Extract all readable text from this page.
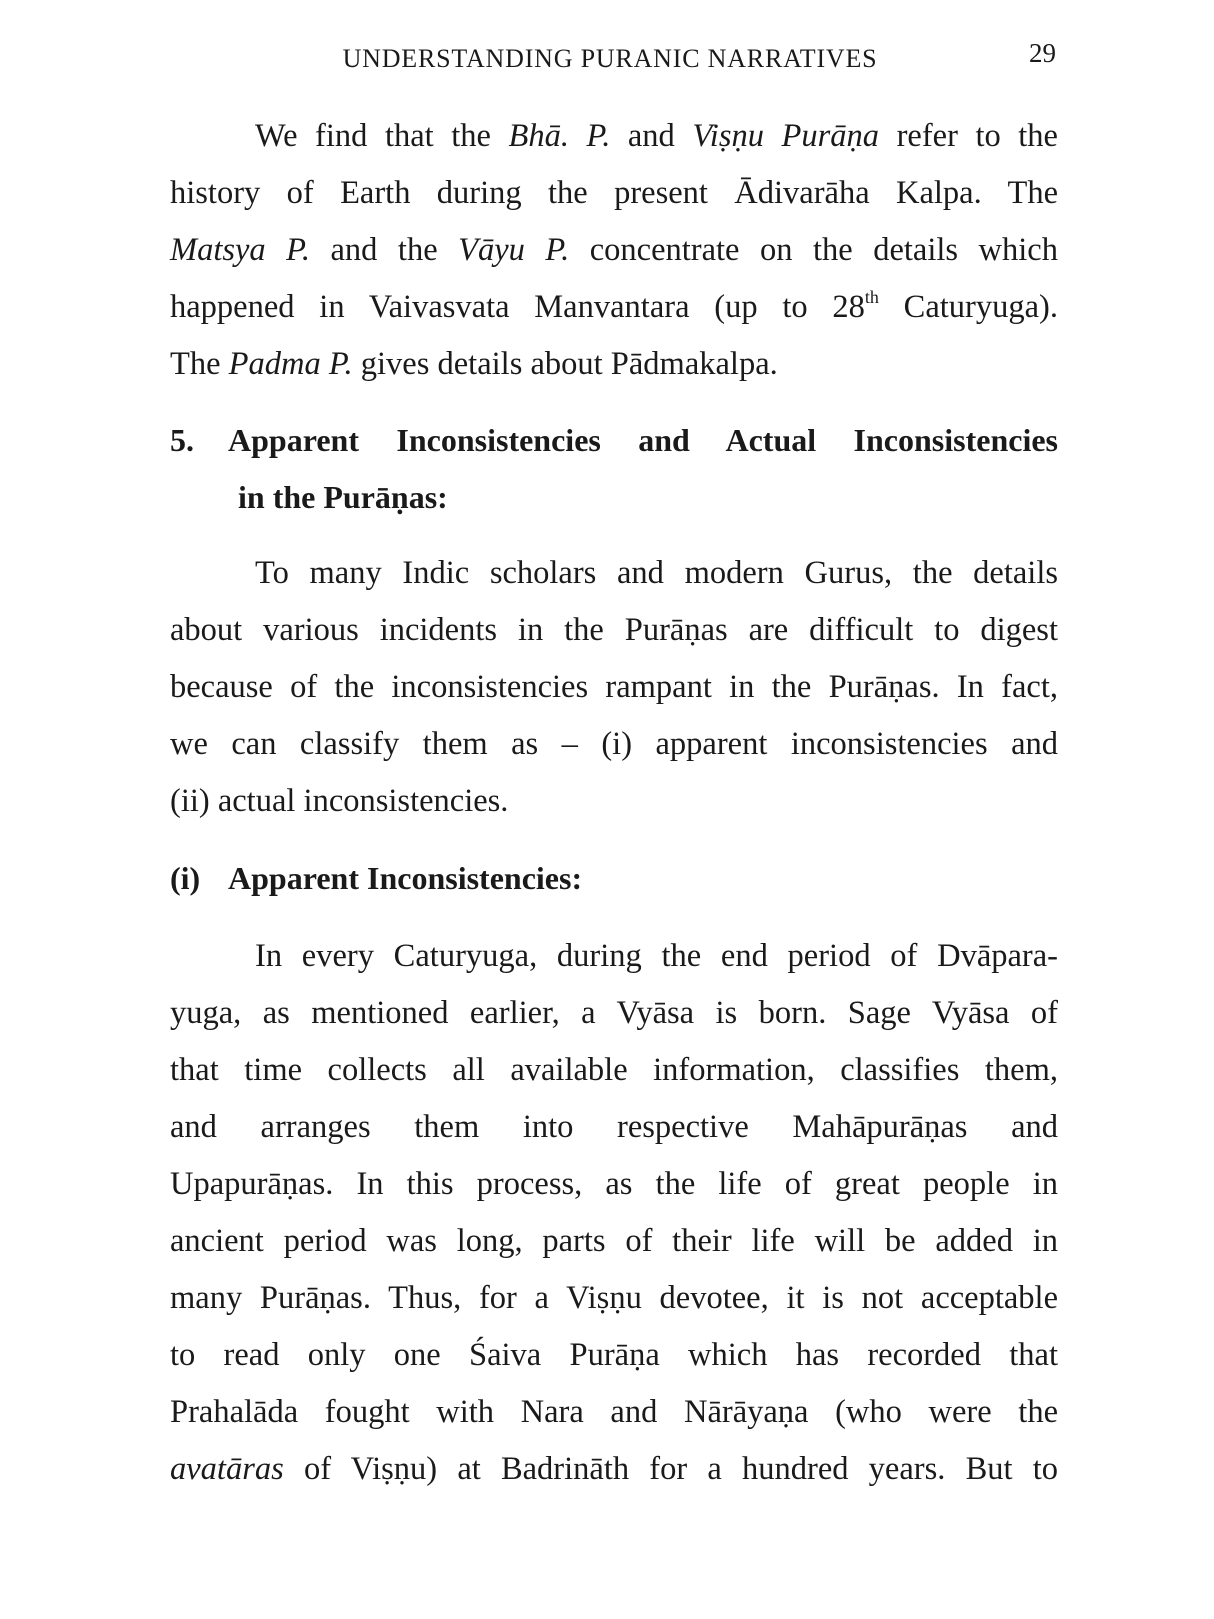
UNDERSTANDING PURANIC NARRATIVES	29
We find that the Bhā. P. and Viṣṇu Purāṇa refer to the
history of Earth during the present Ādivarāha Kalpa. The
Matsya P. and the Vāyu P. concentrate on the details which
happened in Vaivasvata Manvantara (up to 28th Caturyuga).
The Padma P. gives details about Pādmakalpa.
5. Apparent Inconsistencies and Actual Inconsistencies
in the Purāṇas:
To many Indic scholars and modern Gurus, the details
about various incidents in the Purāṇas are difficult to digest
because of the inconsistencies rampant in the Purāṇas. In fact,
we can classify them as – (i) apparent inconsistencies and
(ii) actual inconsistencies.
(i) Apparent Inconsistencies:
In every Caturyuga, during the end period of Dvāpara-
yuga, as mentioned earlier, a Vyāsa is born. Sage Vyāsa of
that time collects all available information, classifies them,
and arranges them into respective Mahāpurāṇas and
Upapurāṇas. In this process, as the life of great people in
ancient period was long, parts of their life will be added in
many Purāṇas. Thus, for a Viṣṇu devotee, it is not acceptable
to read only one Śaiva Purāṇa which has recorded that
Prahalāda fought with Nara and Nārāyaṇa (who were the
avatāras of Viṣṇu) at Badrināth for a hundred years. But to
